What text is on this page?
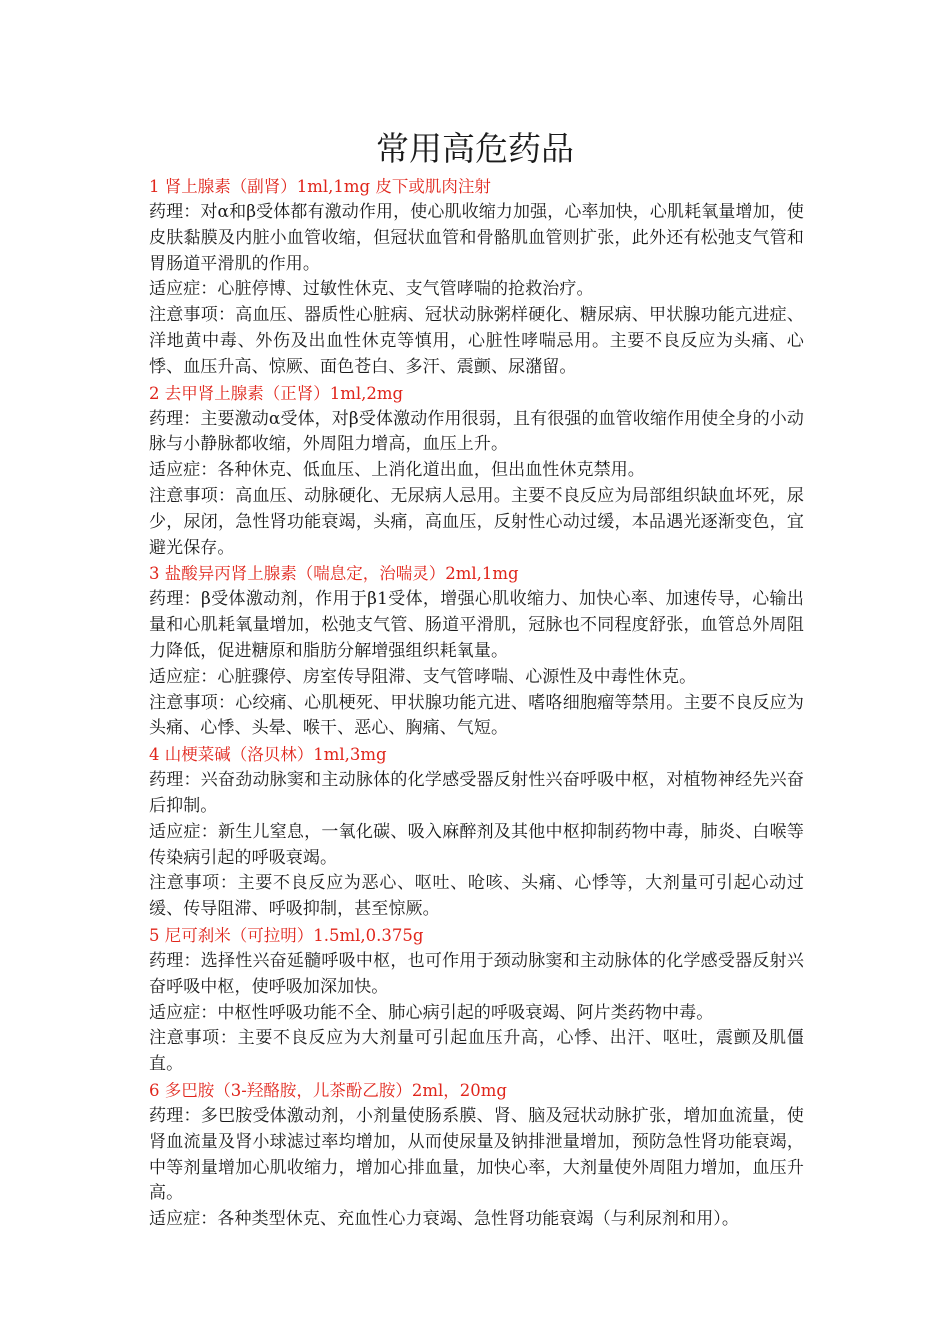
常用高危药品

1 肾上腺素（副肾）1ml,1mg 皮下或肌肉注射

药理：对α和β受体都有激动作用，使心肌收缩力加强，心率加快，心肌耗氧量增加，使皮肤黏膜及内脏小血管收缩，但冠状血管和骨骼肌血管则扩张，此外还有松弛支气管和胃肠道平滑肌的作用。

适应症：心脏停博、过敏性休克、支气管哮喘的抢救治疗。

注意事项：高血压、器质性心脏病、冠状动脉粥样硬化、糖尿病、甲状腺功能亢进症、洋地黄中毒、外伤及出血性休克等慎用，心脏性哮喘忌用。主要不良反应为头痛、心悸、血压升高、惊厥、面色苍白、多汗、震颤、尿潴留。

2 去甲肾上腺素（正肾）1ml,2mg

药理：主要激动α受体，对β受体激动作用很弱，且有很强的血管收缩作用使全身的小动脉与小静脉都收缩，外周阻力增高，血压上升。

适应症：各种休克、低血压、上消化道出血，但出血性休克禁用。

注意事项：高血压、动脉硬化、无尿病人忌用。主要不良反应为局部组织缺血坏死，尿少，尿闭，急性肾功能衰竭，头痛，高血压，反射性心动过缓，本品遇光逐渐变色，宜避光保存。

3 盐酸异丙肾上腺素（喘息定，治喘灵）2ml,1mg

药理：β受体激动剂，作用于β1受体，增强心肌收缩力、加快心率、加速传导，心输出量和心肌耗氧量增加，松弛支气管、肠道平滑肌，冠脉也不同程度舒张，血管总外周阻力降低，促进糖原和脂肪分解增强组织耗氧量。

适应症：心脏骤停、房室传导阻滞、支气管哮喘、心源性及中毒性休克。

注意事项：心绞痛、心肌梗死、甲状腺功能亢进、嗜咯细胞瘤等禁用。主要不良反应为头痛、心悸、头晕、喉干、恶心、胸痛、气短。

4 山梗菜碱（洛贝林）1ml,3mg

药理：兴奋劲动脉窦和主动脉体的化学感受器反射性兴奋呼吸中枢，对植物神经先兴奋后抑制。

适应症：新生儿窒息，一氧化碳、吸入麻醉剂及其他中枢抑制药物中毒，肺炎、白喉等传染病引起的呼吸衰竭。

注意事项：主要不良反应为恶心、呕吐、呛咳、头痛、心悸等，大剂量可引起心动过缓、传导阻滞、呼吸抑制，甚至惊厥。

5 尼可刹米（可拉明）1.5ml,0.375g

药理：选择性兴奋延髓呼吸中枢，也可作用于颈动脉窦和主动脉体的化学感受器反射兴奋呼吸中枢，使呼吸加深加快。

适应症：中枢性呼吸功能不全、肺心病引起的呼吸衰竭、阿片类药物中毒。

注意事项：主要不良反应为大剂量可引起血压升高，心悸、出汗、呕吐，震颤及肌僵直。

6 多巴胺（3-羟酪胺，儿茶酚乙胺）2ml，20mg

药理：多巴胺受体激动剂，小剂量使肠系膜、肾、脑及冠状动脉扩张，增加血流量，使肾血流量及肾小球滤过率均增加，从而使尿量及钠排泄量增加，预防急性肾功能衰竭，中等剂量增加心肌收缩力，增加心排血量，加快心率，大剂量使外周阻力增加，血压升高。

适应症：各种类型休克、充血性心力衰竭、急性肾功能衰竭（与利尿剂和用）。
